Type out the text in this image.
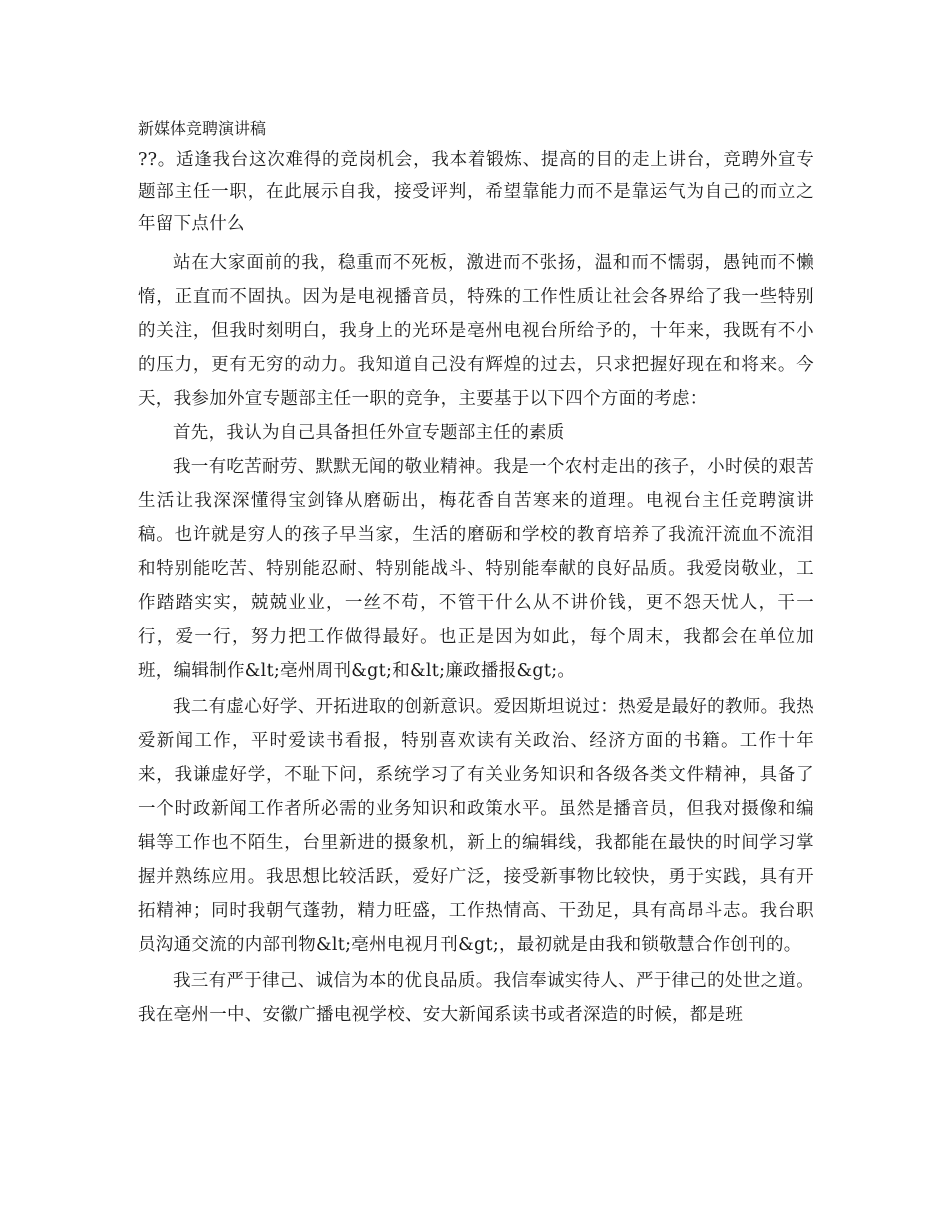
新媒体竞聘演讲稿

??。适逢我台这次难得的竞岗机会，我本着锻炼、提高的目的走上讲台，竞聘外宣专题部主任一职，在此展示自我，接受评判，希望靠能力而不是靠运气为自己的而立之年留下点什么

站在大家面前的我，稳重而不死板，激进而不张扬，温和而不懦弱，愚钝而不懒惰，正直而不固执。因为是电视播音员，特殊的工作性质让社会各界给了我一些特别的关注，但我时刻明白，我身上的光环是亳州电视台所给予的，十年来，我既有不小的压力，更有无穷的动力。我知道自己没有辉煌的过去，只求把握好现在和将来。今天，我参加外宣专题部主任一职的竞争，主要基于以下四个方面的考虑：

首先，我认为自己具备担任外宣专题部主任的素质

我一有吃苦耐劳、默默无闻的敬业精神。我是一个农村走出的孩子，小时侯的艰苦生活让我深深懂得宝剑锋从磨砺出，梅花香自苦寒来的道理。电视台主任竞聘演讲稿。也许就是穷人的孩子早当家，生活的磨砺和学校的教育培养了我流汗流血不流泪和特别能吃苦、特别能忍耐、特别能战斗、特别能奉献的良好品质。我爱岗敬业，工作踏踏实实，兢兢业业，一丝不苟，不管干什么从不讲价钱，更不怨天忧人，干一行，爱一行，努力把工作做得最好。也正是因为如此，每个周末，我都会在单位加班，编辑制作&lt;亳州周刊&gt;和&lt;廉政播报&gt;。

我二有虚心好学、开拓进取的创新意识。爱因斯坦说过：热爱是最好的教师。我热爱新闻工作，平时爱读书看报，特别喜欢读有关政治、经济方面的书籍。工作十年来，我谦虚好学，不耻下问，系统学习了有关业务知识和各级各类文件精神，具备了一个时政新闻工作者所必需的业务知识和政策水平。虽然是播音员，但我对摄像和编辑等工作也不陌生，台里新进的摄象机，新上的编辑线，我都能在最快的时间学习掌握并熟练应用。我思想比较活跃，爱好广泛，接受新事物比较快，勇于实践，具有开拓精神；同时我朝气蓬勃，精力旺盛，工作热情高、干劲足，具有高昂斗志。我台职员沟通交流的内部刊物&lt;亳州电视月刊&gt;，最初就是由我和锁敬慧合作创刊的。

我三有严于律己、诚信为本的优良品质。我信奉诚实待人、严于律己的处世之道。我在亳州一中、安徽广播电视学校、安大新闻系读书或者深造的时候，都是班
